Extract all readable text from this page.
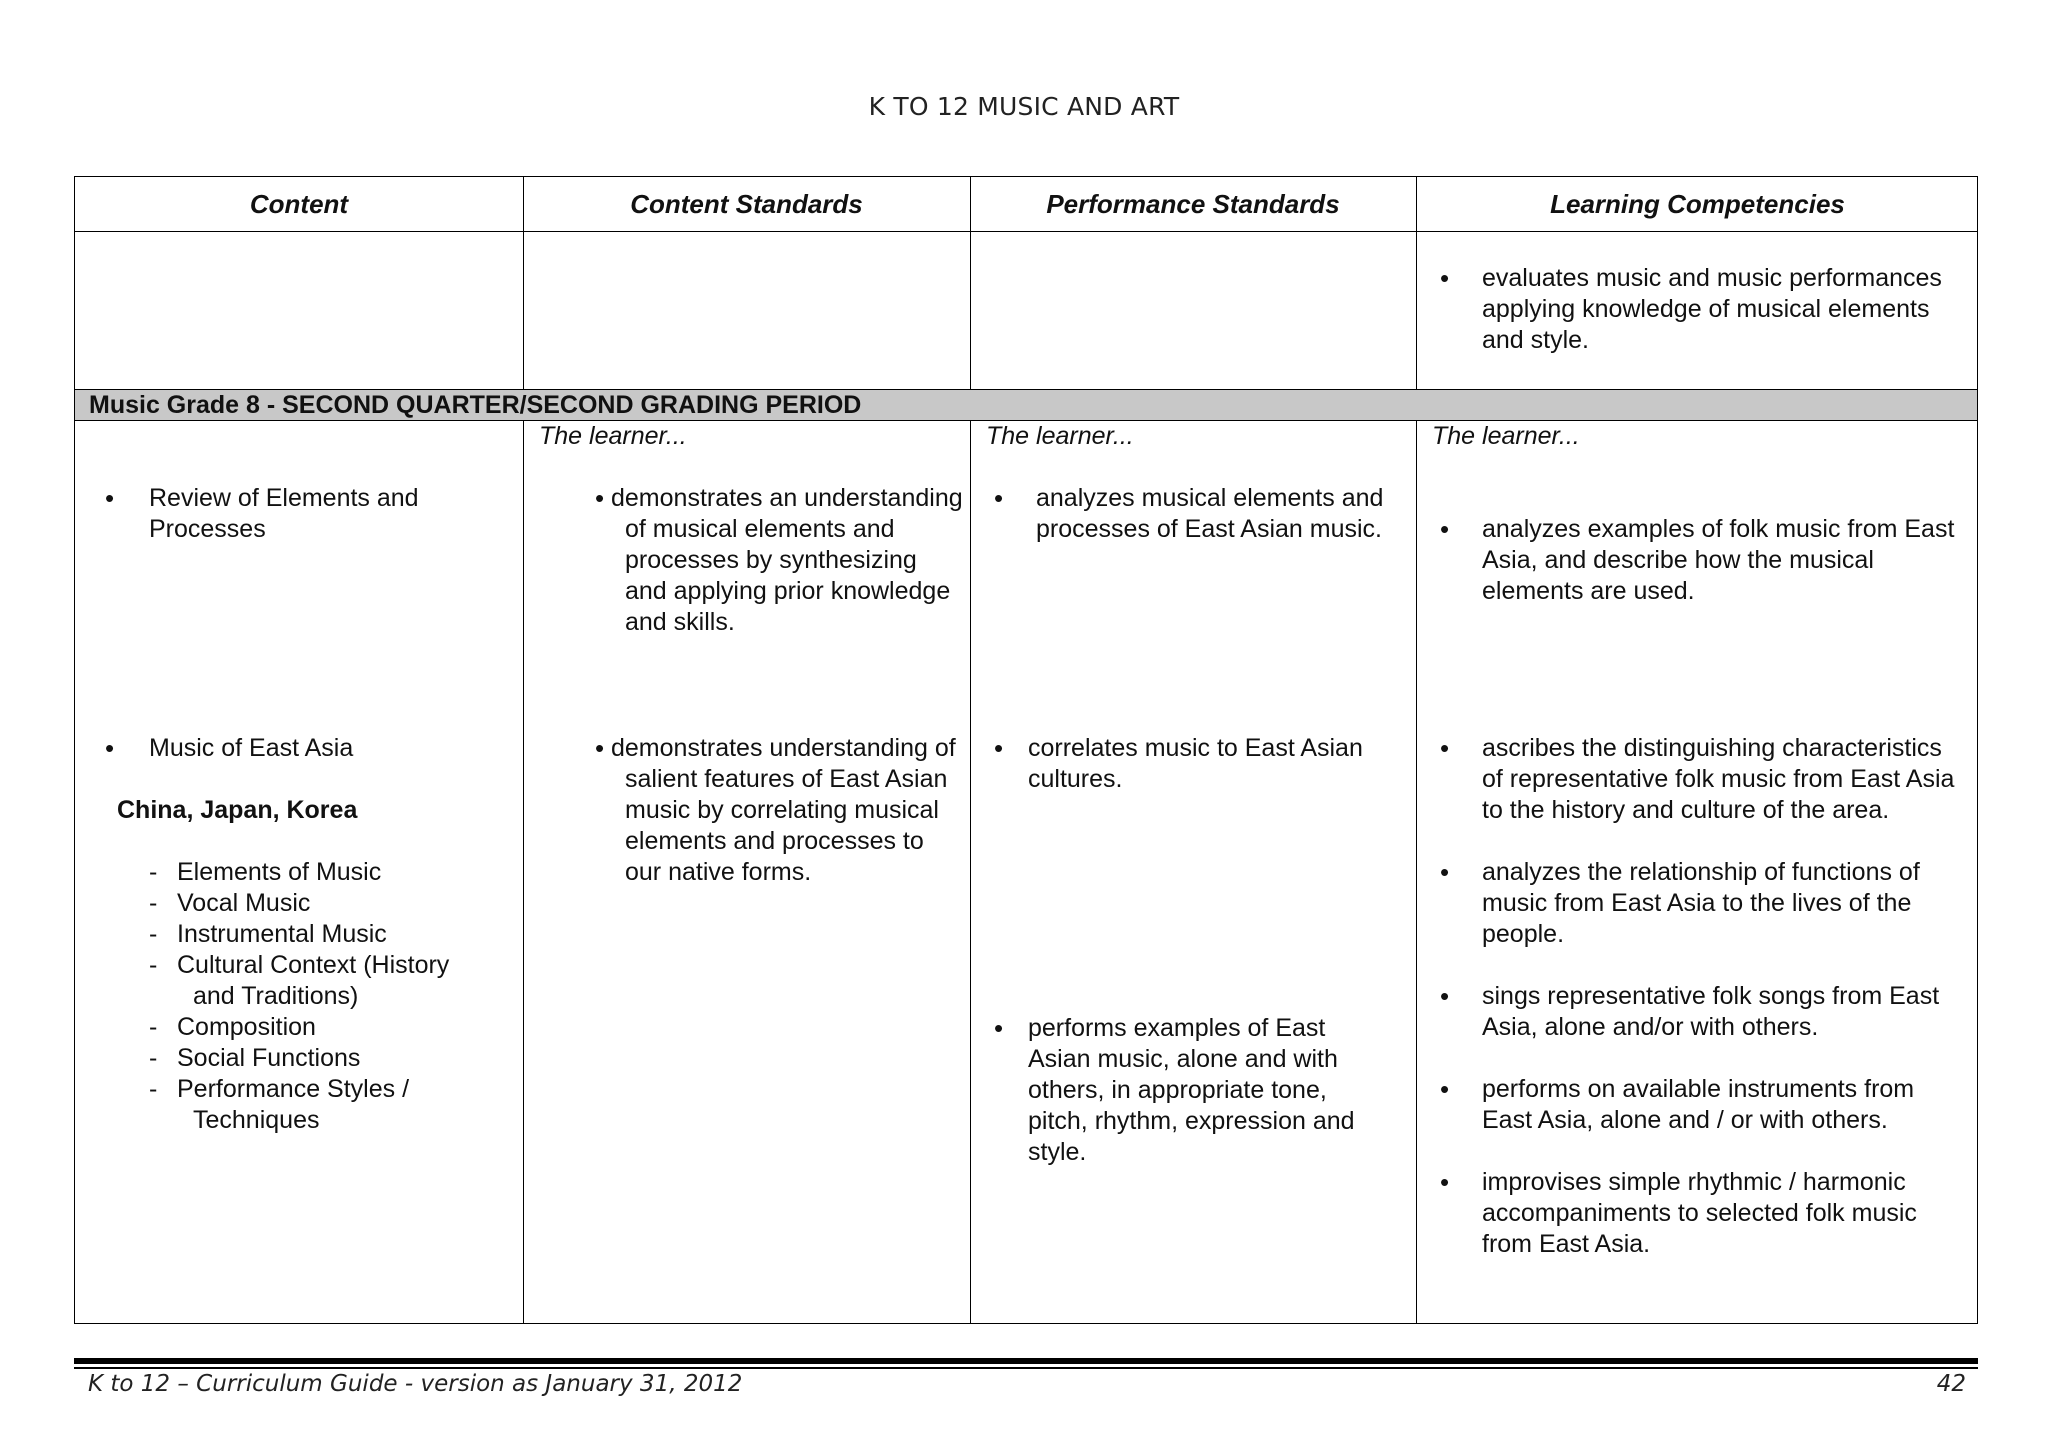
K TO 12 MUSIC AND ART
Content	Content Standards	Performance Standards	Learning Competencies
• evaluates music and music performances applying knowledge of musical elements and style.
Music Grade 8 - SECOND QUARTER/SECOND GRADING PERIOD
The learner...	The learner...	The learner...
• Review of Elements and Processes
• demonstrates an understanding of musical elements and processes by synthesizing and applying prior knowledge and skills.
• analyzes musical elements and processes of East Asian music.
•	analyzes examples of folk music from East Asia, and describe how the musical elements are used.
• Music of East Asia
China, Japan, Korea
- Elements of Music
- Vocal Music
- Instrumental Music
- Cultural Context (History
and Traditions)
- Composition
- Social Functions
- Performance Styles /
Techniques
• demonstrates understanding of salient features of East Asian music by correlating musical elements and processes to our native forms.
• correlates music to East Asian cultures.
• performs examples of East Asian music, alone and with others, in appropriate tone, pitch, rhythm, expression and style.
• ascribes the distinguishing characteristics of representative folk music from East Asia to the history and culture of the area.
• analyzes the relationship of functions of music from East Asia to the lives of the people.
• sings representative folk songs from East Asia, alone and/or with others.
• performs on available instruments from East Asia, alone and / or with others.
• improvises simple rhythmic / harmonic accompaniments to selected folk music from East Asia.
K to 12 – Curriculum Guide - version as January 31, 2012	42
